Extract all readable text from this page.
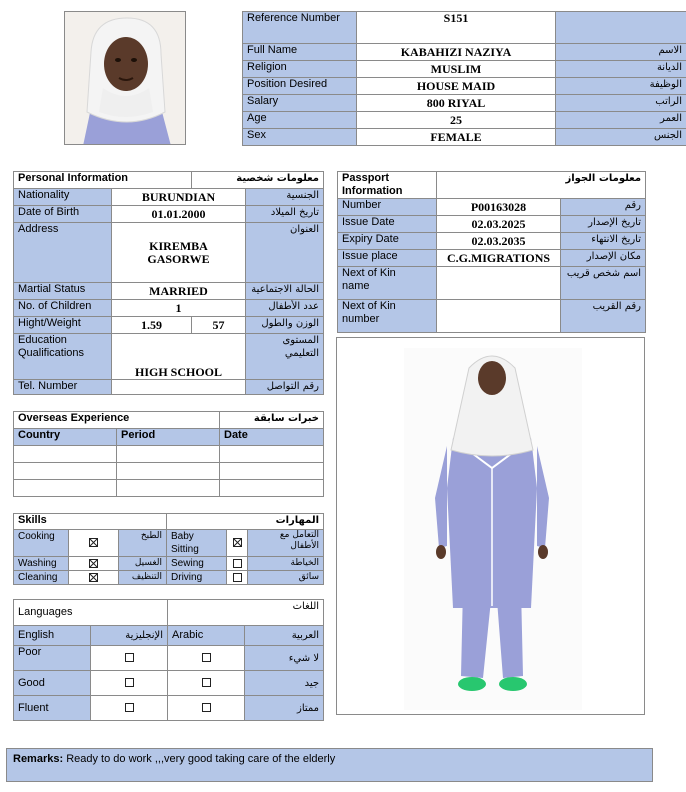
Reference Number	S151	
Full Name	KABAHIZI NAZIYA	الاسم
Religion	MUSLIM	الديانة
Position Desired	HOUSE MAID	الوظيفة
Salary	800 RIYAL	الراتب
Age	25	العمر
Sex	FEMALE	الجنس
Personal Information		معلومات شخصية	
Nationality	BURUNDIAN		الجنسية
Date of Birth	01.01.2000		تاريخ الميلاد
Address	KIREMBA
GASORWE		العنوان
Martial Status	MARRIED		الحالة الاجتماعية
No. of Children	1		عدد الأطفال
Hight/Weight	1.59	57	الوزن والطول

Education
Qualifications	HIGH SCHOOL		المستوى التعليمي
Tel. Number			رقم التواصل
Passport Information	معلومات الجواز	
Number	P00163028	رقم
Issue Date	02.03.2025	تاريخ الإصدار
Expiry Date	02.03.2035	تاريخ الانتهاء
Issue place	C.G.MIGRATIONS	مكان الإصدار

Next of Kin
name		اسم شخص قريب

Next of Kin
number		رقم القريب
Overseas Experience		خبرات سابقة
Country	Period	Date

Skills			المهارات		
Cooking		الطبخ	Baby Sitting		التعامل مع الأطفال
Washing		الغسيل	Sewing		الخياطة
Cleaning		التنظيف	Driving		سائق
Languages		اللغات	
English	الإنجليزية	Arabic	العربية
Poor			لا شيء
Good			جيد
Fluent			ممتاز
Remarks: Ready to do work ,,,very good taking care of the elderly
